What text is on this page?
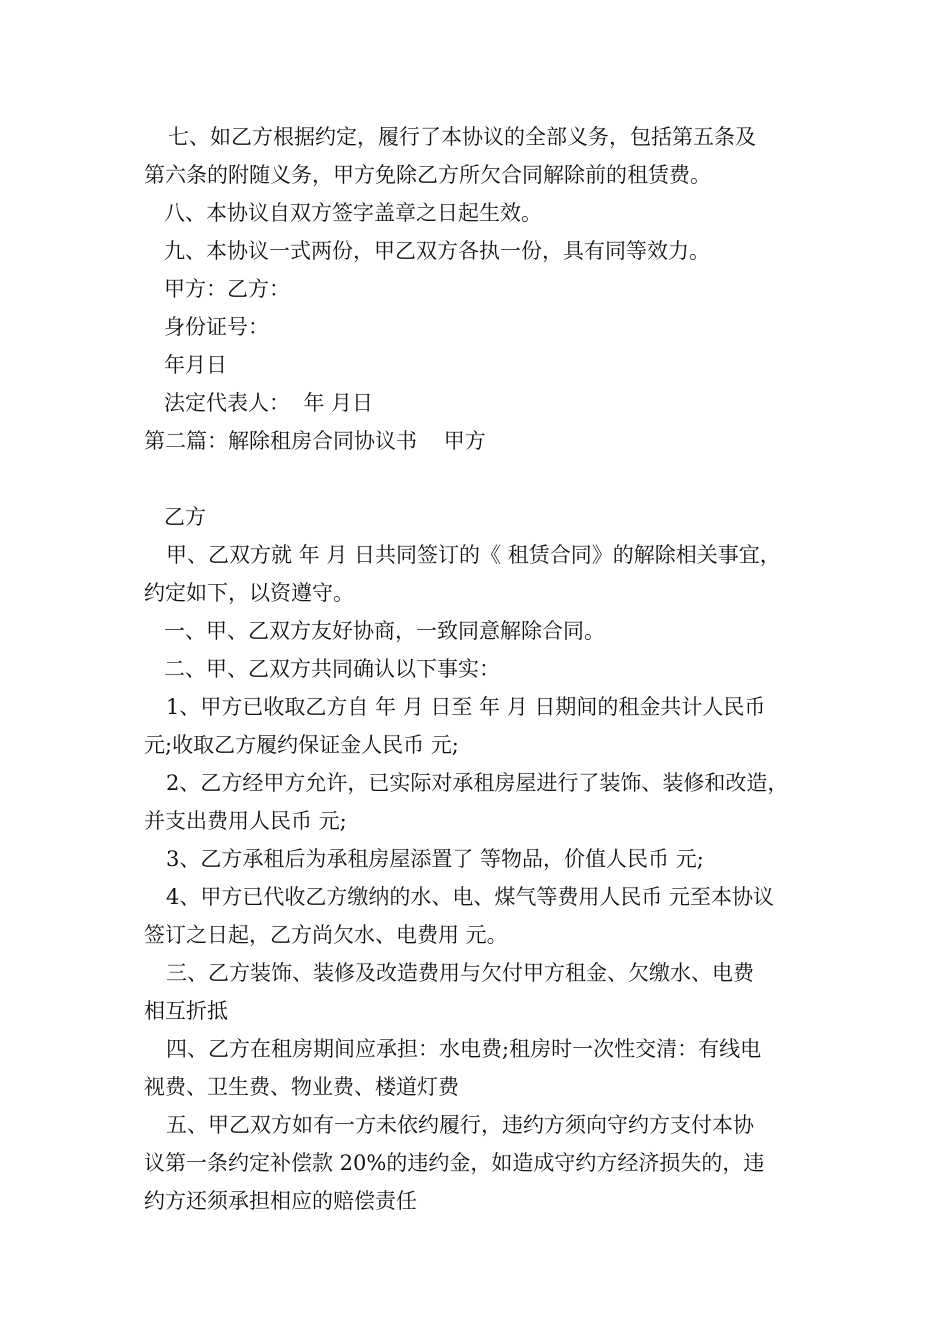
七、如乙方根据约定，履行了本协议的全部义务，包括第五条及
第六条的附随义务，甲方免除乙方所欠合同解除前的租赁费。
八、本协议自双方签字盖章之日起生效。
九、本协议一式两份，甲乙双方各执一份，具有同等效力。
甲方：乙方：
身份证号：
年月日
法定代表人：  年 月日
第二篇：解除租房合同协议书    甲方
乙方
甲、乙双方就 年 月 日共同签订的《 租赁合同》的解除相关事宜，
约定如下，以资遵守。
一、甲、乙双方友好协商，一致同意解除合同。
二、甲、乙双方共同确认以下事实：
1、甲方已收取乙方自 年 月 日至 年 月 日期间的租金共计人民币
元;收取乙方履约保证金人民币 元;
2、乙方经甲方允许，已实际对承租房屋进行了装饰、装修和改造，
并支出费用人民币 元;
3、乙方承租后为承租房屋添置了 等物品，价值人民币 元;
4、甲方已代收乙方缴纳的水、电、煤气等费用人民币 元至本协议
签订之日起，乙方尚欠水、电费用 元。
三、乙方装饰、装修及改造费用与欠付甲方租金、欠缴水、电费
相互折抵
四、乙方在租房期间应承担：水电费;租房时一次性交清：有线电
视费、卫生费、物业费、楼道灯费
五、甲乙双方如有一方未依约履行，违约方须向守约方支付本协
议第一条约定补偿款 20%的违约金，如造成守约方经济损失的，违
约方还须承担相应的赔偿责任
